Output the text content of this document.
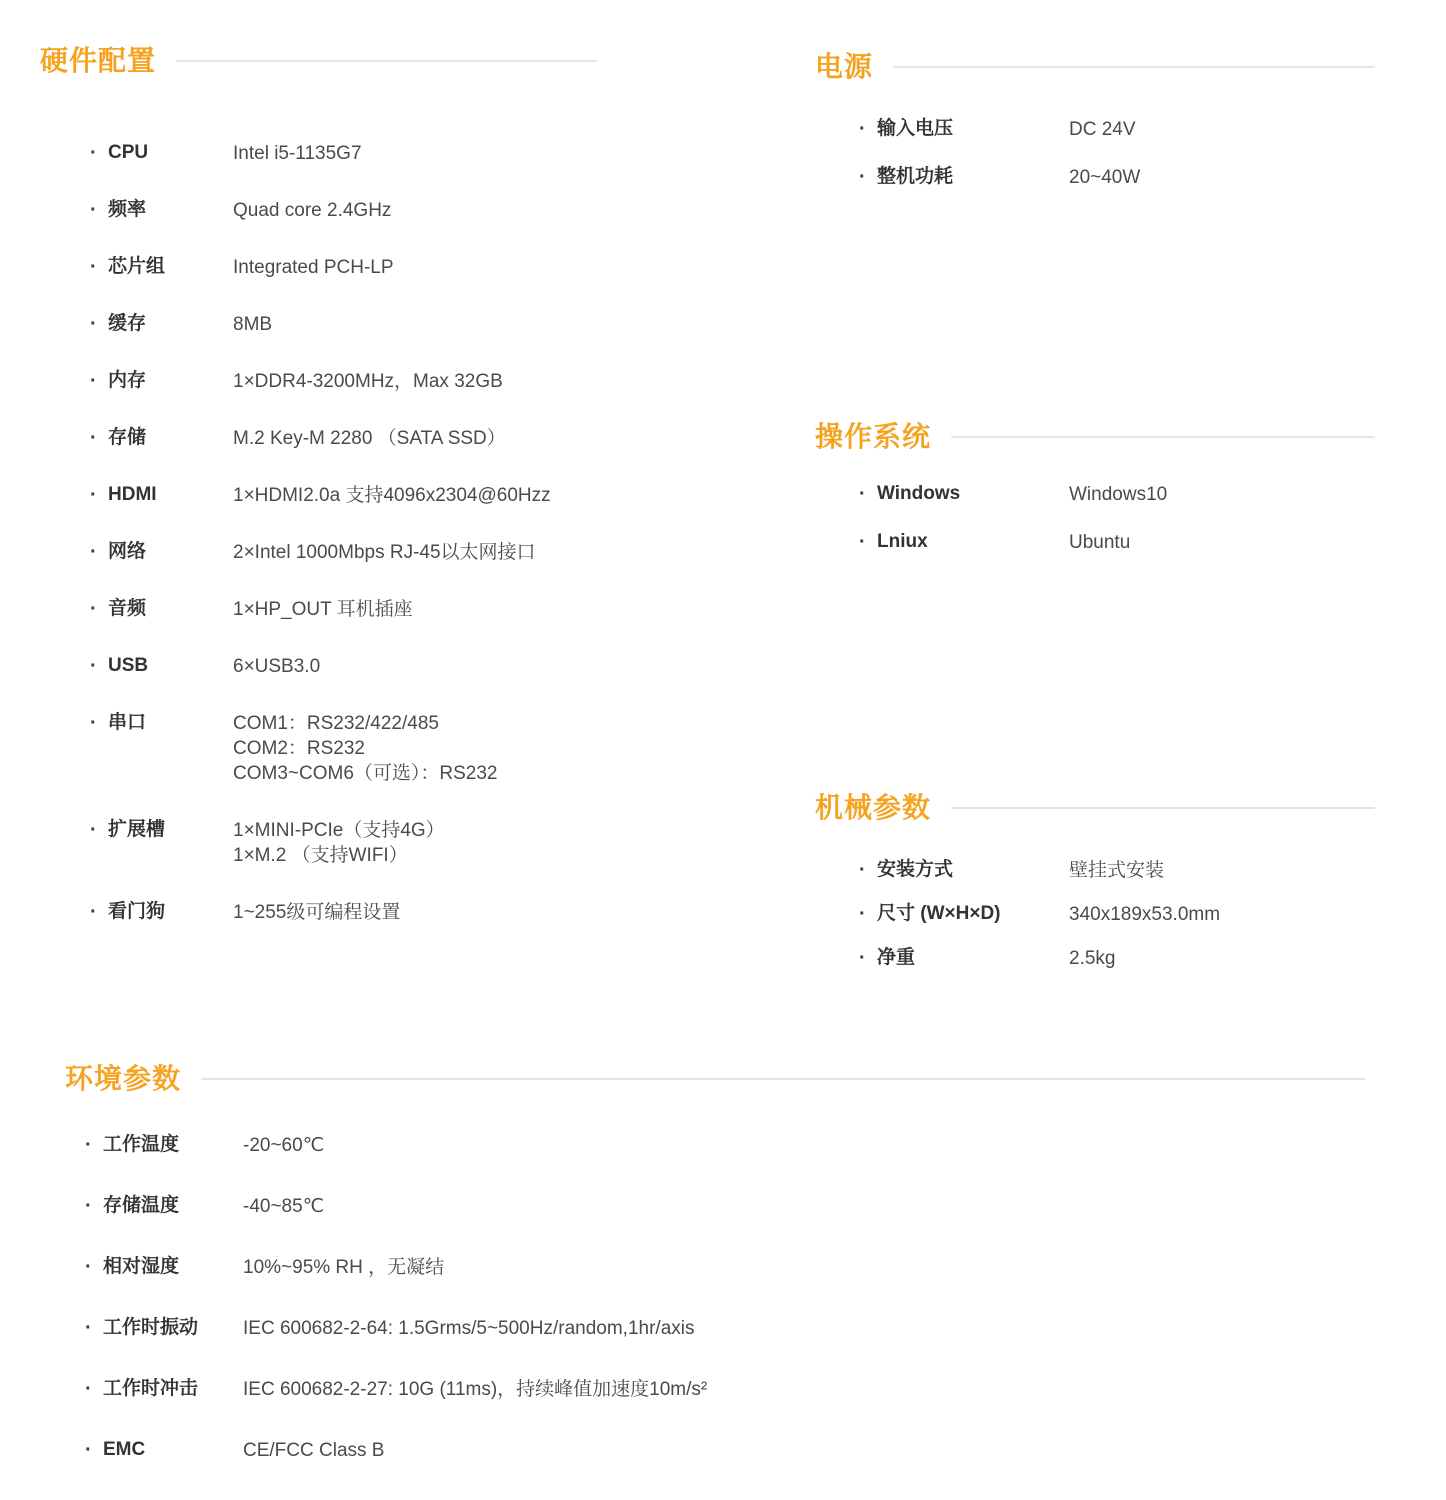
硬件配置
· CPU	Intel i5-1135G7
· 频率	Quad core 2.4GHz
· 芯片组	Integrated PCH-LP
· 缓存	8MB
· 内存	1×DDR4-3200MHz，Max 32GB
· 存储	M.2 Key-M 2280 （SATA SSD）
· HDMI	1×HDMI2.0a 支持4096x2304@60Hzz
· 网络	2×Intel 1000Mbps RJ-45以太网接口
· 音频	1×HP_OUT 耳机插座
· USB	6×USB3.0
· 串口	COM1：RS232/422/485
COM2：RS232
COM3~COM6（可选）：RS232
· 扩展槽	1×MINI-PCIe（支持4G）
1×M.2 （支持WIFI）
· 看门狗	1~255级可编程设置
电源
· 输入电压	DC 24V
· 整机功耗	20~40W
操作系统
· Windows	Windows10
· Lniux	Ubuntu
机械参数
· 安装方式	壁挂式安装
· 尺寸 (W×H×D)	340x189x53.0mm
· 净重	2.5kg
环境参数
· 工作温度	-20~60℃
· 存储温度	-40~85℃
· 相对湿度	10%~95% RH ，无凝结
· 工作时振动	IEC 600682-2-64: 1.5Grms/5~500Hz/random,1hr/axis
· 工作时冲击	IEC 600682-2-27: 10G (11ms)，持续峰值加速度10m/s²
· EMC	CE/FCC Class B
